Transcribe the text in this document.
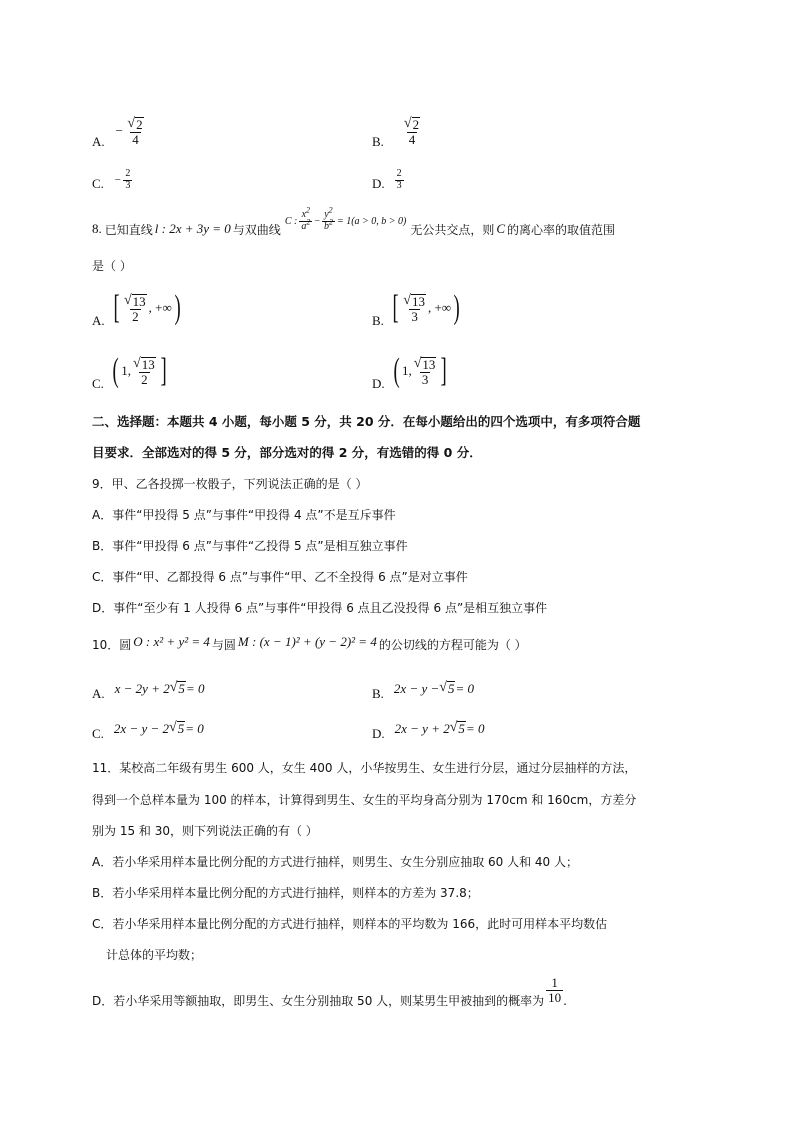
A.
− $\frac{√ 2}{4}$	B. $\frac{√ 2}{4}$
C. − $\frac{2}{3}$	D. $\frac{2}{3}$
8. 已知直线 l : 2x + 3y = 0 与双曲线
C : $\frac{x^2}{a^2} - \frac{y^2}{b^2} = 1(a > 0$, b > 0)
无公共交点，则 C 的离心率的取值范围
是（ ）
A. [ $\frac{√ 13}{2}$ , +∞ )	B. [ $\frac{√ 13}{3}$ , +∞ )
C. ( 1, $\frac{√ 13}{2}$ ]	D. ( 1, $\frac{√ 13}{3}$ ]
二、选择题：本题共 4 小题，每小题 5 分，共 20 分．在每小题给出的四个选项中，有多项符合题
目要求．全部选对的得 5 分，部分选对的得 2 分，有选错的得 0 分．
9．甲、乙各投掷一枚骰子，下列说法正确的是（ ）
A．事件“甲投得 5 点”与事件“甲投得 4 点”不是互斥事件
B．事件“甲投得 6 点”与事件“乙投得 5 点”是相互独立事件
C．事件“甲、乙都投得 6 点”与事件“甲、乙不全投得 6 点”是对立事件
D．事件“至少有 1 人投得 6 点”与事件“甲投得 6 点且乙没投得 6 点”是相互独立事件
10． 圆 O : x² + y² = 4 与圆 M : (x − 1)² + (y − 2)² = 4 的公切线的方程可能为（ ）
A. x − 2y + 2 √ 5 = 0	B. 2x − y − √ 5 = 0
C. 2x − y − 2 √ 5 = 0	D. 2x − y + 2 √ 5 = 0
11．某校高二年级有男生 600 人，女生 400 人，小华按男生、女生进行分层，通过分层抽样的方法，
得到一个总样本量为 100 的样本，计算得到男生、女生的平均身高分别为 170cm 和 160cm，方差分
别为 15 和 30，则下列说法正确的有（ ）
A．若小华采用样本量比例分配的方式进行抽样，则男生、女生分别应抽取 60 人和 40 人；
B．若小华采用样本量比例分配的方式进行抽样，则样本的方差为 37.8；
C．若小华采用样本量比例分配的方式进行抽样，则样本的平均数为 166，此时可用样本平均数估
计总体的平均数；
D．若小华采用等额抽取，即男生、女生分别抽取 50 人，则某男生甲被抽到的概率为 $\frac{1}{10}$ .
